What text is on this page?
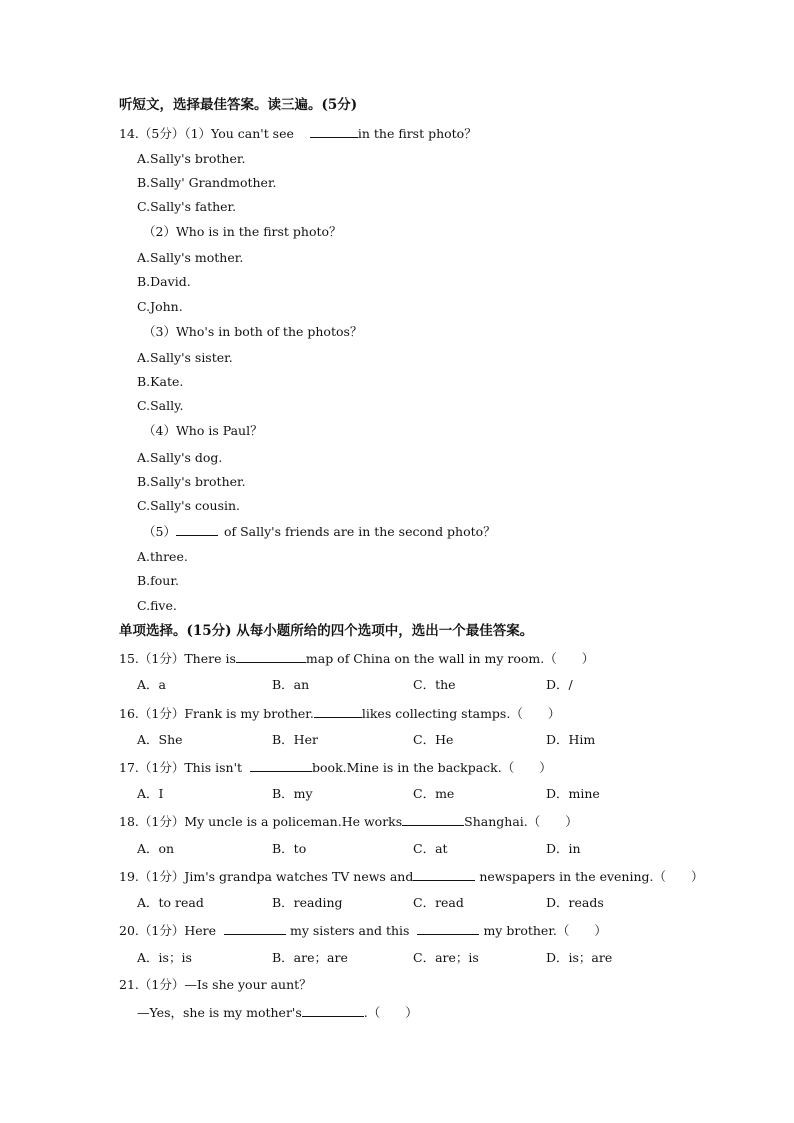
听短文，选择最佳答案。读三遍。(5分)
14.（5分）（1）You can't see	in the first photo？
A.Sally's brother.
B.Sally' Grandmother.
C.Sally's father.
（2）Who is in the first photo？
A.Sally's mother.
B.David.
C.John.
（3）Who's in both of the photos？
A.Sally's sister.
B.Kate.
C.Sally.
（4）Who is Paul？
A.Sally's dog.
B.Sally's brother.
C.Sally's cousin.
（5）	of Sally's friends are in the second photo？
A.three.
B.four.
C.five.
单项选择。(15分) 从每小题所给的四个选项中，选出一个最佳答案。
15.（1分）There is	map of China on the wall in my room.（　　）
A．a	B．an	C．the	D．/
16.（1分）Frank is my brother.	likes collecting stamps.（　　）
A．She	B．Her	C．He	D．Him
17.（1分）This isn't	book.Mine is in the backpack.（　　）
A．I	B．my	C．me	D．mine
18.（1分）My uncle is a policeman.He works	Shanghai.（　　）
A．on	B．to	C．at	D．in
19.（1分）Jim's grandpa watches TV news and	newspapers in the evening.（　　）
A．to read	B．reading	C．read	D．reads
20.（1分）Here	my sisters and this	my brother.（　　）
A．is；is	B．are；are	C．are；is	D．is；are
21.（1分）—Is she your aunt？
—Yes，she is my mother's	.（　　）
